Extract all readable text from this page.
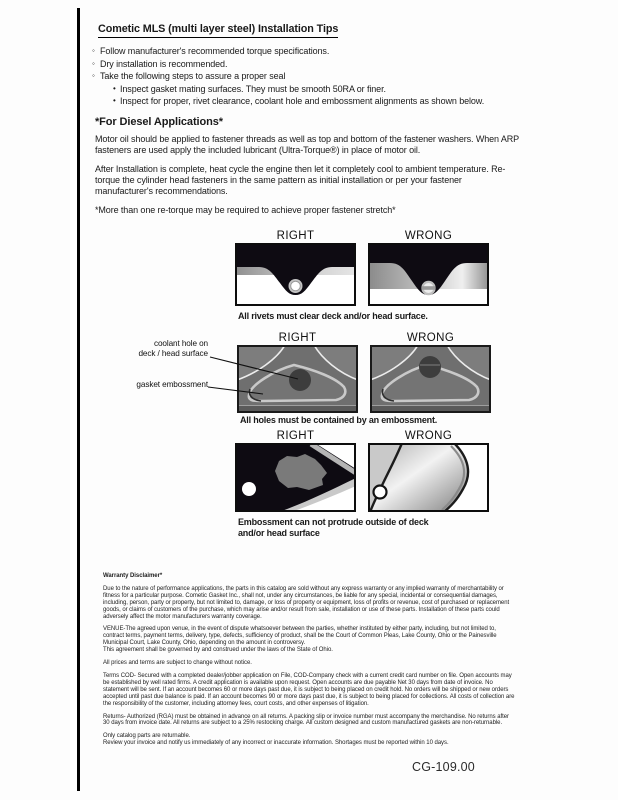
Cometic MLS (multi layer steel) Installation Tips
◦ Follow manufacturer's recommended torque specifications.
◦ Dry installation is recommended.
◦ Take the following steps to assure a proper seal
• Inspect gasket mating surfaces. They must be smooth 50RA or finer.
• Inspect for proper, rivet clearance, coolant hole and embossment alignments as shown below.
*For Diesel Applications*
Motor oil should be applied to fastener threads as well as top and bottom of the fastener washers. When ARP fasteners are used apply the included lubricant (Ultra-Torque®) in place of motor oil.
After Installation is complete, heat cycle the engine then let it completely cool to ambient temperature. Re-torque the cylinder head fasteners in the same pattern as initial installation or per your fastener manufacturer's recommendations.
*More than one re-torque may be required to achieve proper fastener stretch*
RIGHT	WRONG
All rivets must clear deck and/or head surface.
RIGHT	WRONG
All holes must be contained by an embossment.
coolant hole on
deck / head surface
gasket embossment
RIGHT	WRONG
Embossment can not protrude outside of deck
and/or head surface
Warranty Disclaimer*

Due to the nature of performance applications, the parts in this catalog are sold without any express warranty or any implied warranty of merchantability or fitness for a particular purpose. Cometic Gasket Inc., shall not, under any circumstances, be liable for any special, incidental or consequential damages, including, person, party or property, but not limited to, damage, or loss of property or equipment, loss of profits or revenue, cost of purchased or replacement goods, or claims of customers of the purchase, which may arise and/or result from sale, installation or use of these parts. Installation of these parts could adversely affect the motor manufacturers warranty coverage.

VENUE-The agreed upon venue, in the event of dispute whatsoever between the parties, whether instituted by either party, including, but not limited to, contract terms, payment terms, delivery, type, defects, sufficiency of product, shall be the Court of Common Pleas, Lake County, Ohio or the Painesville Municipal Court, Lake County, Ohio, depending on the amount in controversy.

This agreement shall be governed by and construed under the laws of the State of Ohio.

All prices and terms are subject to change without notice.

Terms COD- Secured with a completed dealer/jobber application on File, COD-Company check with a current credit card number on file. Open accounts may be established by well rated firms. A credit application is available upon request. Open accounts are due payable Net 30 days from date of invoice. No statement will be sent. If an account becomes 60 or more days past due, it is subject to being placed on credit hold. No orders will be shipped or new orders accepted until past due balance is paid. If an account becomes 90 or more days past due, it is subject to being placed for collections. All costs of collection are the responsibility of the customer, including attorney fees, court costs, and other expenses of litigation.

Returns- Authorized (RGA) must be obtained in advance on all returns. A packing slip or invoice number must accompany the merchandise. No returns after 30 days from invoice date. All returns are subject to a 25% restocking charge. All custom designed and custom manufactured gaskets are non-returnable.

Only catalog parts are returnable.

Review your invoice and notify us immediately of any incorrect or inaccurate information. Shortages must be reported within 10 days.

CG-109.00
